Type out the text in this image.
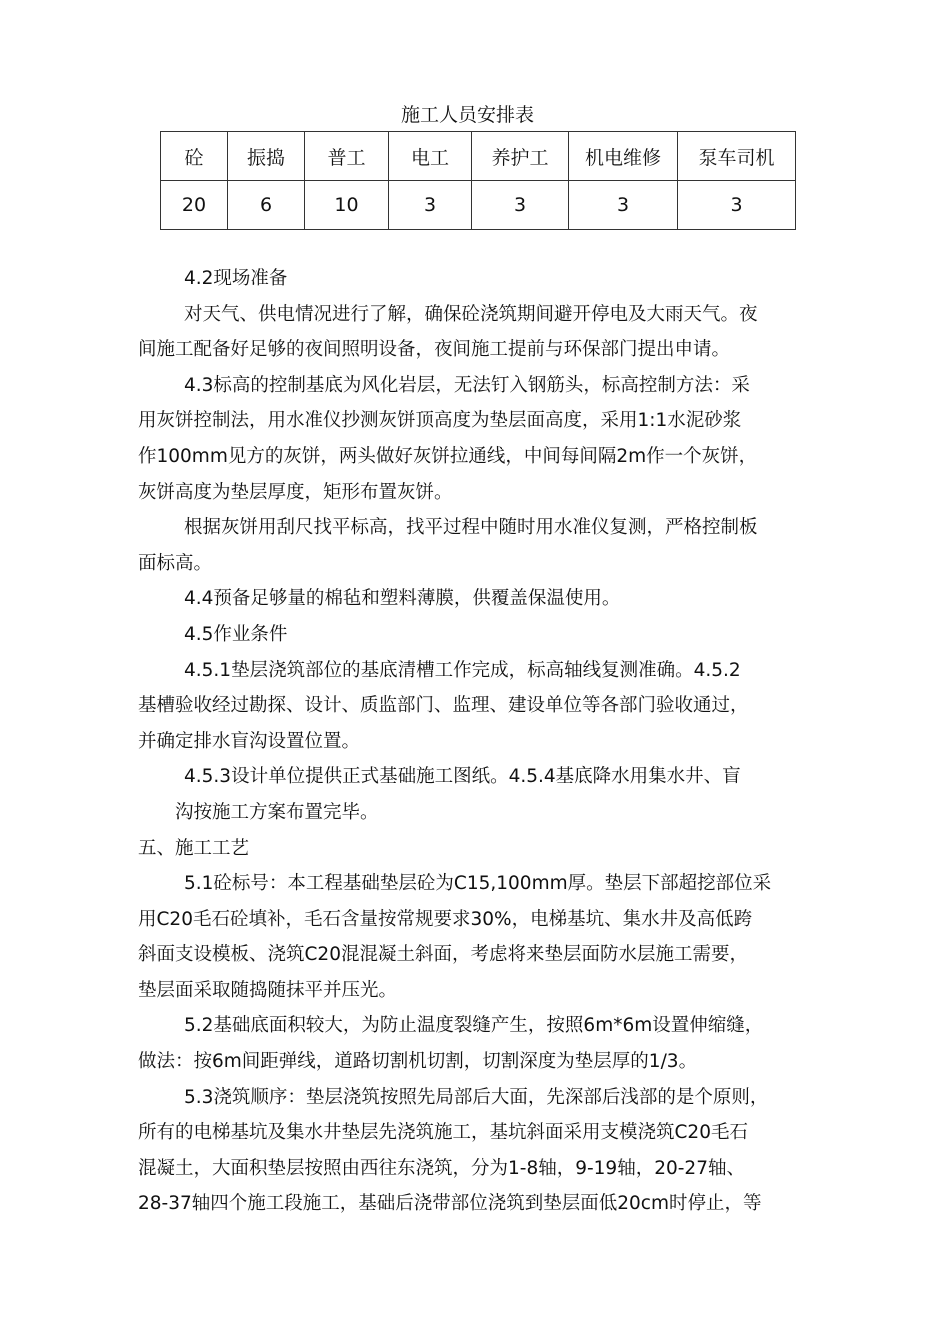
施工人员安排表
砼	振捣	普工	电工	养护工	机电维修	泵车司机
20	6	10	3	3	3	3

4.2现场准备

对天气、供电情况进行了解，确保砼浇筑期间避开停电及大雨天气。夜

间施工配备好足够的夜间照明设备，夜间施工提前与环保部门提出申请。

4.3标高的控制基底为风化岩层，无法钉入钢筋头，标高控制方法：采

用灰饼控制法，用水准仪抄测灰饼顶高度为垫层面高度，采用1:1水泥砂浆

作100mm见方的灰饼，两头做好灰饼拉通线，中间每间隔2m作一个灰饼，

灰饼高度为垫层厚度，矩形布置灰饼。

根据灰饼用刮尺找平标高，找平过程中随时用水准仪复测，严格控制板

面标高。

4.4预备足够量的棉毡和塑料薄膜，供覆盖保温使用。

4.5作业条件

4.5.1垫层浇筑部位的基底清槽工作完成，标高轴线复测准确。4.5.2

基槽验收经过勘探、设计、质监部门、监理、建设单位等各部门验收通过，

并确定排水盲沟设置位置。

4.5.3设计单位提供正式基础施工图纸。4.5.4基底降水用集水井、盲

沟按施工方案布置完毕。

五、施工工艺

5.1砼标号：本工程基础垫层砼为C15,100mm厚。垫层下部超挖部位采

用C20毛石砼填补，毛石含量按常规要求30%，电梯基坑、集水井及高低跨

斜面支设模板、浇筑C20混混凝土斜面，考虑将来垫层面防水层施工需要，

垫层面采取随捣随抹平并压光。

5.2基础底面积较大，为防止温度裂缝产生，按照6m*6m设置伸缩缝，

做法：按6m间距弹线，道路切割机切割，切割深度为垫层厚的1/3。

5.3浇筑顺序：垫层浇筑按照先局部后大面，先深部后浅部的是个原则，

所有的电梯基坑及集水井垫层先浇筑施工，基坑斜面采用支模浇筑C20毛石

混凝土，大面积垫层按照由西往东浇筑，分为1-8轴，9-19轴，20-27轴、

28-37轴四个施工段施工，基础后浇带部位浇筑到垫层面低20cm时停止，等
